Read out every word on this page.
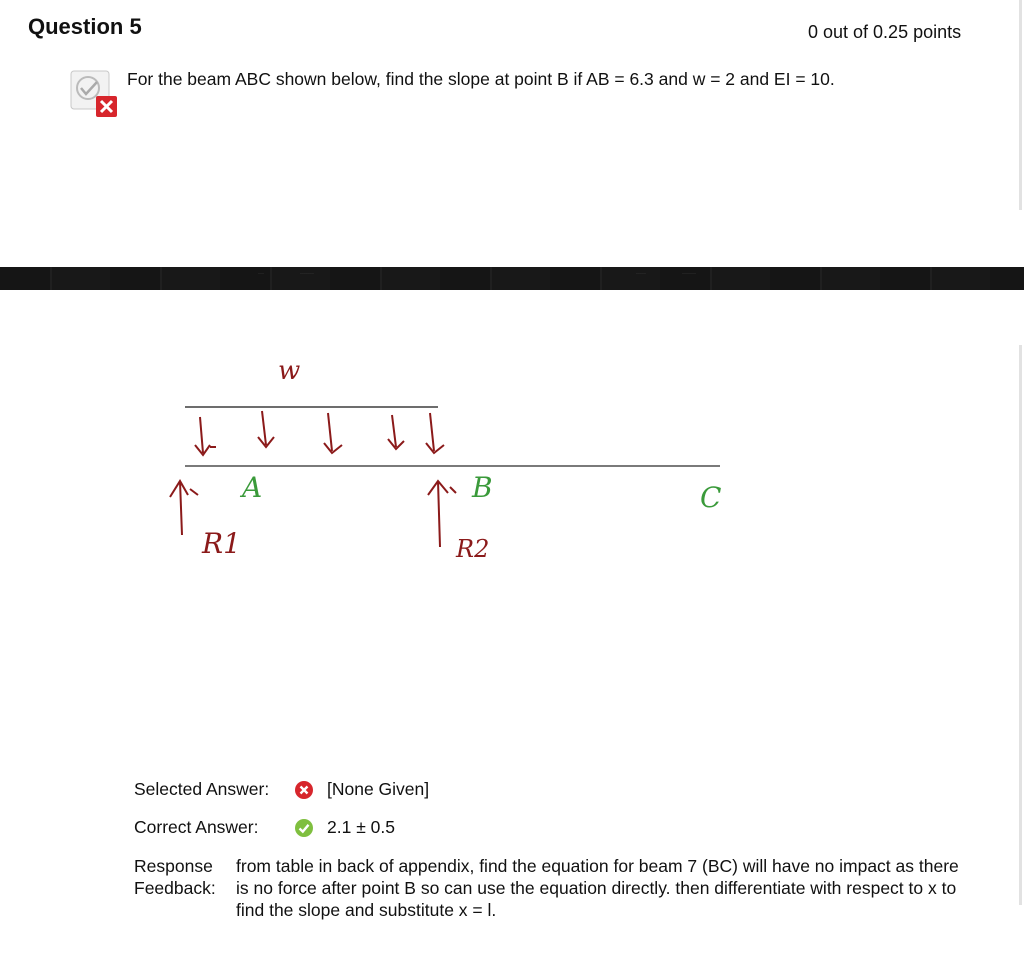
Question 5	0 out of 0.25 points
For the beam ABC shown below, find the slope at point B if AB = 6.3 and w = 2 and EI = 10.
···	·······	·····	·······
w
A	B	C
R1	R2
Selected Answer:	[None Given]
Correct Answer:	2.1 ± 0.5
Response
Feedback:
from table in back of appendix, find the equation for beam 7 (BC) will have no impact as there is no force after point B so can use the equation directly. then differentiate with respect to x to find the slope and substitute x = l.
